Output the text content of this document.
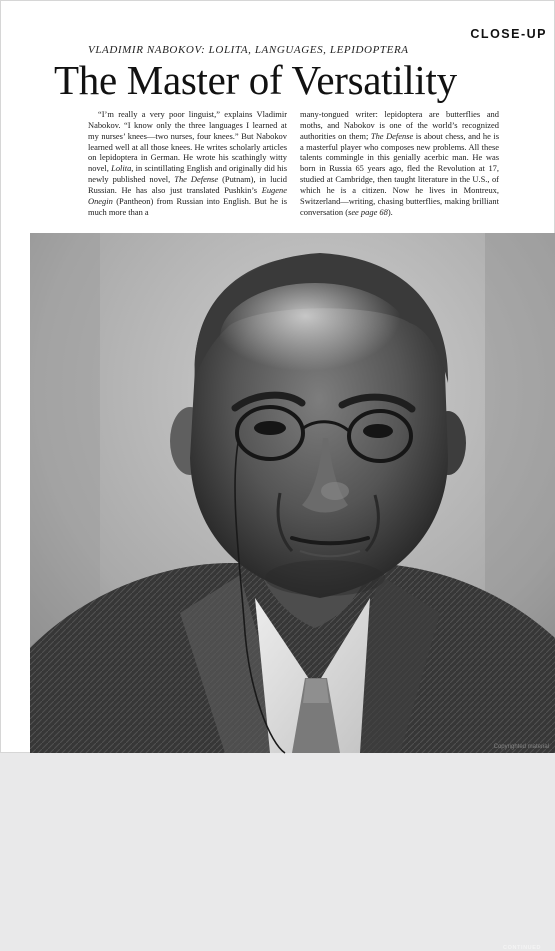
CLOSE-UP
VLADIMIR NABOKOV: LOLITA, LANGUAGES, LEPIDOPTERA
The Master of Versatility

“I’m really a very poor linguist,” explains Vladimir Nabokov. “I know only the three languages I learned at my nurses’ knees—two nurses, four knees.” But Nabokov learned well at all those knees. He writes scholarly articles on lepidoptera in German. He wrote his scathingly witty novel, Lolita, in scintillating English and originally did his newly published novel, The Defense (Putnam), in lucid Russian. He has also just translated Pushkin’s Eugene Onegin (Pantheon) from Russian into English. But he is much more than a

many-tongued writer: lepidoptera are butterflies and moths, and Nabokov is one of the world’s recognized authorities on them; The Defense is about chess, and he is a masterful player who composes new problems. All these talents commingle in this genially acerbic man. He was born in Russia 65 years ago, fled the Revolution at 17, studied at Cambridge, then taught literature in the U.S., of which he is a citizen. Now he lives in Montreux, Switzerland—writing, chasing butterflies, making brilliant conversation (see page 68).

CONTINUED
Copyrighted material
